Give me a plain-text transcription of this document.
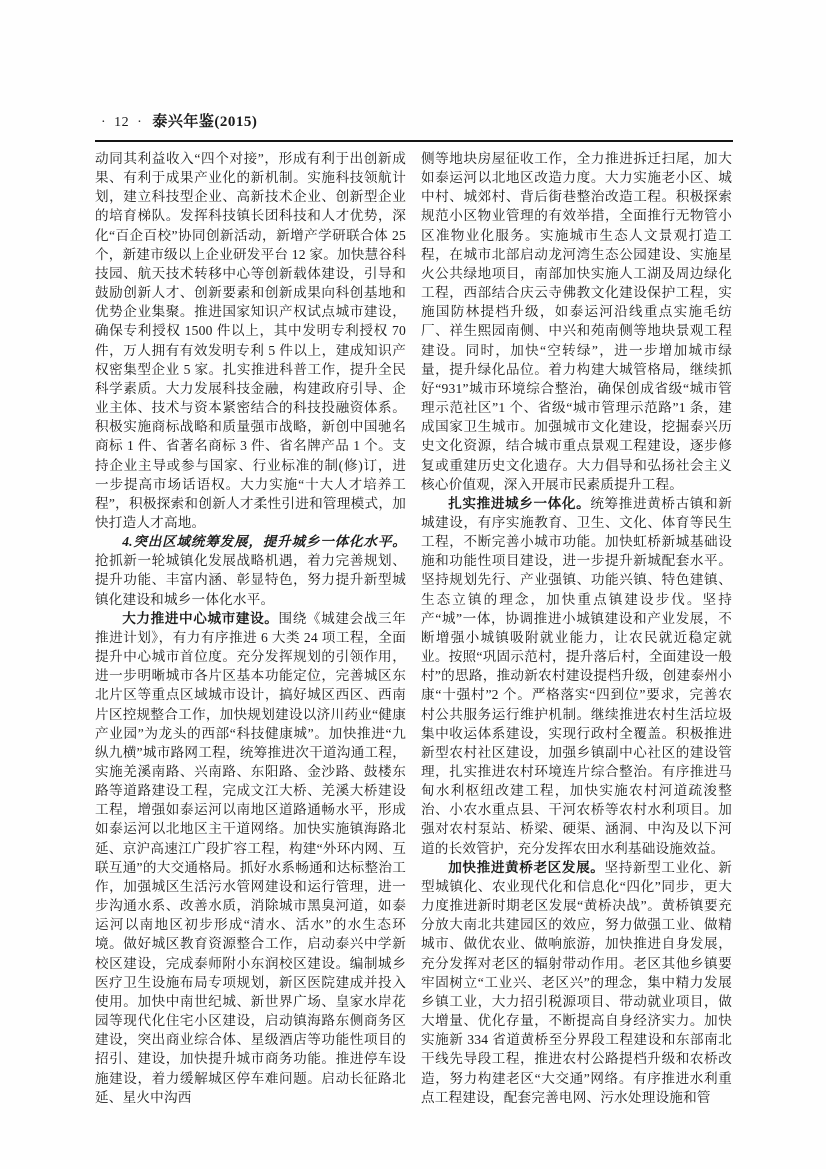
·  12  · 泰兴年鉴(2015)

动同其利益收入“四个对接”，形成有利于出创新成果、有利于成果产业化的新机制。实施科技领航计划，建立科技型企业、高新技术企业、创新型企业的培育梯队。发挥科技镇长团科技和人才优势，深化“百企百校”协同创新活动，新增产学研联合体 25 个，新建市级以上企业研发平台 12 家。加快慧谷科技园、航天技术转移中心等创新载体建设，引导和鼓励创新人才、创新要素和创新成果向科创基地和优势企业集聚。推进国家知识产权试点城市建设，确保专利授权 1500 件以上，其中发明专利授权 70 件，万人拥有有效发明专利 5 件以上，建成知识产权密集型企业 5 家。扎实推进科普工作，提升全民科学素质。大力发展科技金融，构建政府引导、企业主体、技术与资本紧密结合的科技投融资体系。积极实施商标战略和质量强市战略，新创中国驰名商标 1 件、省著名商标 3 件、省名牌产品 1 个。支持企业主导或参与国家、行业标准的制(修)订，进一步提高市场话语权。大力实施“十大人才培养工程”，积极探索和创新人才柔性引进和管理模式，加快打造人才高地。

4.突出区域统筹发展，提升城乡一体化水平。抢抓新一轮城镇化发展战略机遇，着力完善规划、提升功能、丰富内涵、彰显特色，努力提升新型城镇化建设和城乡一体化水平。

大力推进中心城市建设。围绕《城建会战三年推进计划》，有力有序推进 6 大类 24 项工程，全面提升中心城市首位度。充分发挥规划的引领作用，进一步明晰城市各片区基本功能定位，完善城区东北片区等重点区域城市设计，搞好城区西区、西南片区控规整合工作，加快规划建设以济川药业“健康产业园”为龙头的西部“科技健康城”。加快推进“九纵九横”城市路网工程，统筹推进次干道沟通工程，实施羌溪南路、兴南路、东阳路、金沙路、鼓楼东路等道路建设工程，完成文江大桥、羌溪大桥建设工程，增强如泰运河以南地区道路通畅水平，形成如泰运河以北地区主干道网络。加快实施镇海路北延、京沪高速江广段扩容工程，构建“外环内网、互联互通”的大交通格局。抓好水系畅通和达标整治工作，加强城区生活污水管网建设和运行管理，进一步沟通水系、改善水质，消除城市黑臭河道，如泰运河以南地区初步形成“清水、活水”的水生态环境。做好城区教育资源整合工作，启动泰兴中学新校区建设，完成泰师附小东润校区建设。编制城乡医疗卫生设施布局专项规划，新区医院建成并投入使用。加快中南世纪城、新世界广场、皇家水岸花园等现代化住宅小区建设，启动镇海路东侧商务区建设，突出商业综合体、星级酒店等功能性项目的招引、建设，加快提升城市商务功能。推进停车设施建设，着力缓解城区停车难问题。启动长征路北延、星火中沟西

侧等地块房屋征收工作，全力推进拆迁扫尾，加大如泰运河以北地区改造力度。大力实施老小区、城中村、城郊村、背后街巷整治改造工程。积极探索规范小区物业管理的有效举措，全面推行无物管小区准物业化服务。实施城市生态人文景观打造工程，在城市北部启动龙河湾生态公园建设、实施星火公共绿地项目，南部加快实施人工湖及周边绿化工程，西部结合庆云寺佛教文化建设保护工程，实施国防林提档升级，如泰运河沿线重点实施毛纺厂、祥生熙园南侧、中兴和苑南侧等地块景观工程建设。同时，加快“空转绿”，进一步增加城市绿量，提升绿化品位。着力构建大城管格局，继续抓好“931”城市环境综合整治，确保创成省级“城市管理示范社区”1 个、省级“城市管理示范路”1 条，建成国家卫生城市。加强城市文化建设，挖掘泰兴历史文化资源，结合城市重点景观工程建设，逐步修复或重建历史文化遗存。大力倡导和弘扬社会主义核心价值观，深入开展市民素质提升工程。

扎实推进城乡一体化。统筹推进黄桥古镇和新城建设，有序实施教育、卫生、文化、体育等民生工程，不断完善小城市功能。加快虹桥新城基础设施和功能性项目建设，进一步提升新城配套水平。坚持规划先行、产业强镇、功能兴镇、特色建镇、生态立镇的理念，加快重点镇建设步伐。坚持产“城”一体，协调推进小城镇建设和产业发展，不断增强小城镇吸附就业能力，让农民就近稳定就业。按照“巩固示范村，提升落后村，全面建设一般村”的思路，推动新农村建设提档升级，创建泰州小康“十强村”2 个。严格落实“四到位”要求，完善农村公共服务运行维护机制。继续推进农村生活垃圾集中收运体系建设，实现行政村全覆盖。积极推进新型农村社区建设，加强乡镇副中心社区的建设管理，扎实推进农村环境连片综合整治。有序推进马甸水利枢纽改建工程，加快实施农村河道疏浚整治、小农水重点县、干河农桥等农村水利项目。加强对农村泵站、桥梁、硬渠、涵洞、中沟及以下河道的长效管护，充分发挥农田水利基础设施效益。

加快推进黄桥老区发展。坚持新型工业化、新型城镇化、农业现代化和信息化“四化”同步，更大力度推进新时期老区发展“黄桥决战”。黄桥镇要充分放大南北共建园区的效应，努力做强工业、做精城市、做优农业、做响旅游，加快推进自身发展，充分发挥对老区的辐射带动作用。老区其他乡镇要牢固树立“工业兴、老区兴”的理念，集中精力发展乡镇工业，大力招引税源项目、带动就业项目，做大增量、优化存量，不断提高自身经济实力。加快实施新 334 省道黄桥至分界段工程建设和东部南北干线先导段工程，推进农村公路提档升级和农桥改造，努力构建老区“大交通”网络。有序推进水利重点工程建设，配套完善电网、污水处理设施和管
